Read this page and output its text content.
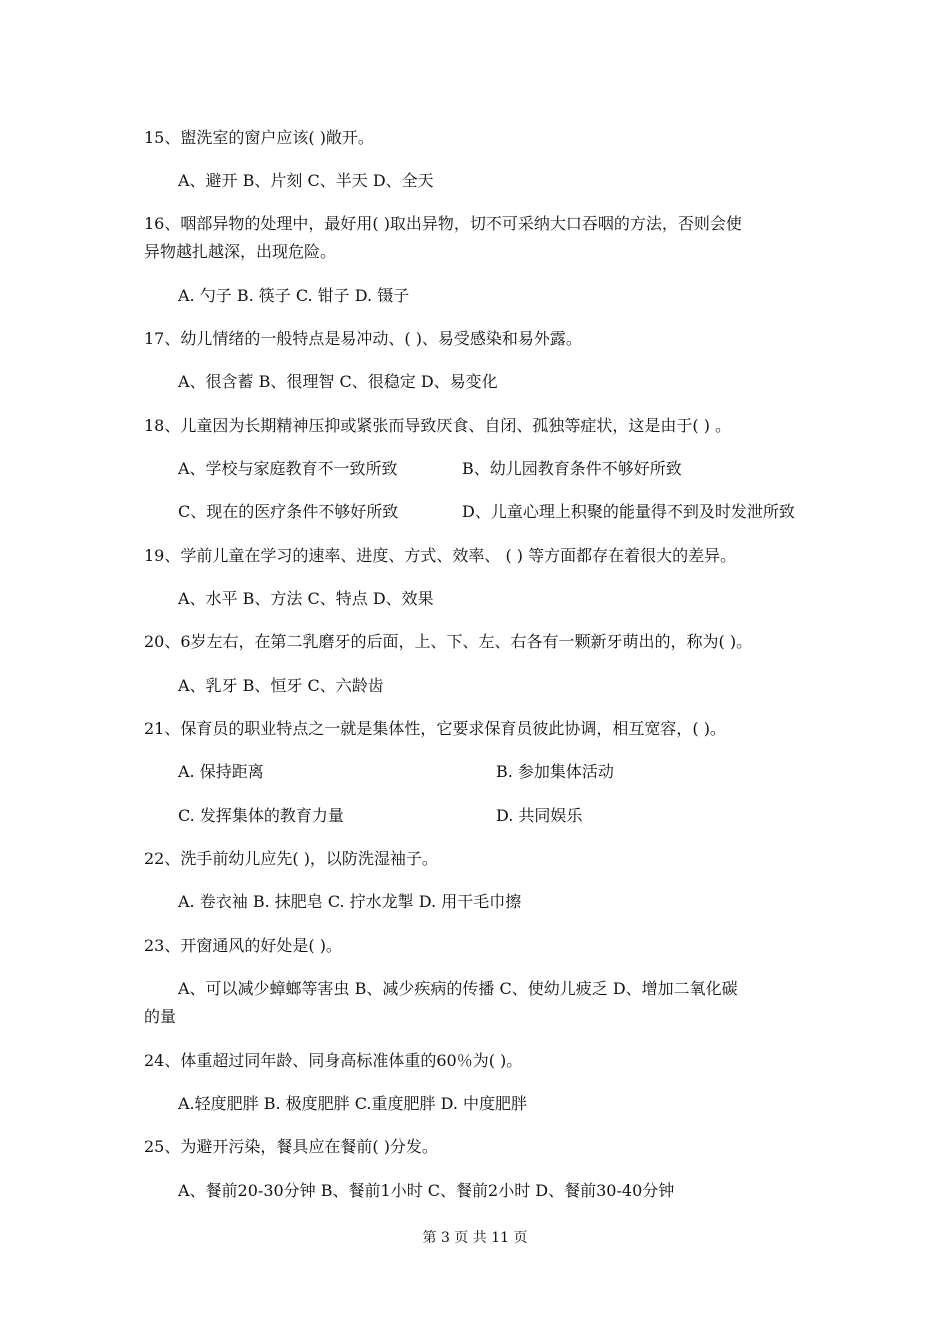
15、盥洗室的窗户应该( )敞开。
A、避开 B、片刻 C、半天 D、全天
16、咽部异物的处理中，最好用( )取出异物，切不可采纳大口吞咽的方法，否则会使
异物越扎越深，出现危险。
A. 勺子 B. 筷子 C. 钳子 D. 镊子
17、幼儿情绪的一般特点是易冲动、( )、易受感染和易外露。
A、很含蓄 B、很理智 C、很稳定 D、易变化
18、儿童因为长期精神压抑或紧张而导致厌食、自闭、孤独等症状，这是由于( ) 。
A、学校与家庭教育不一致所致	B、幼儿园教育条件不够好所致
C、现在的医疗条件不够好所致	D、儿童心理上积聚的能量得不到及时发泄所致
19、学前儿童在学习的速率、进度、方式、效率、 ( ) 等方面都存在着很大的差异。
A、水平 B、方法 C、特点 D、效果
20、6岁左右，在第二乳磨牙的后面，上、下、左、右各有一颗新牙萌出的，称为( )。
A、乳牙 B、恒牙 C、六龄齿
21、保育员的职业特点之一就是集体性，它要求保育员彼此协调，相互宽容，( )。
A. 保持距离	B. 参加集体活动
C. 发挥集体的教育力量	D. 共同娱乐
22、洗手前幼儿应先( )，以防洗湿袖子。
A. 卷衣袖 B. 抹肥皂 C. 拧水龙掣 D. 用干毛巾擦
23、开窗通风的好处是( )。
A、可以减少蟑螂等害虫 B、减少疾病的传播 C、使幼儿疲乏 D、增加二氧化碳
的量
24、体重超过同年龄、同身高标准体重的60％为( )。
A.轻度肥胖 B. 极度肥胖 C.重度肥胖 D. 中度肥胖
25、为避开污染，餐具应在餐前( )分发。
A、餐前20-30分钟 B、餐前1小时 C、餐前2小时 D、餐前30-40分钟
第 3 页 共 11 页
